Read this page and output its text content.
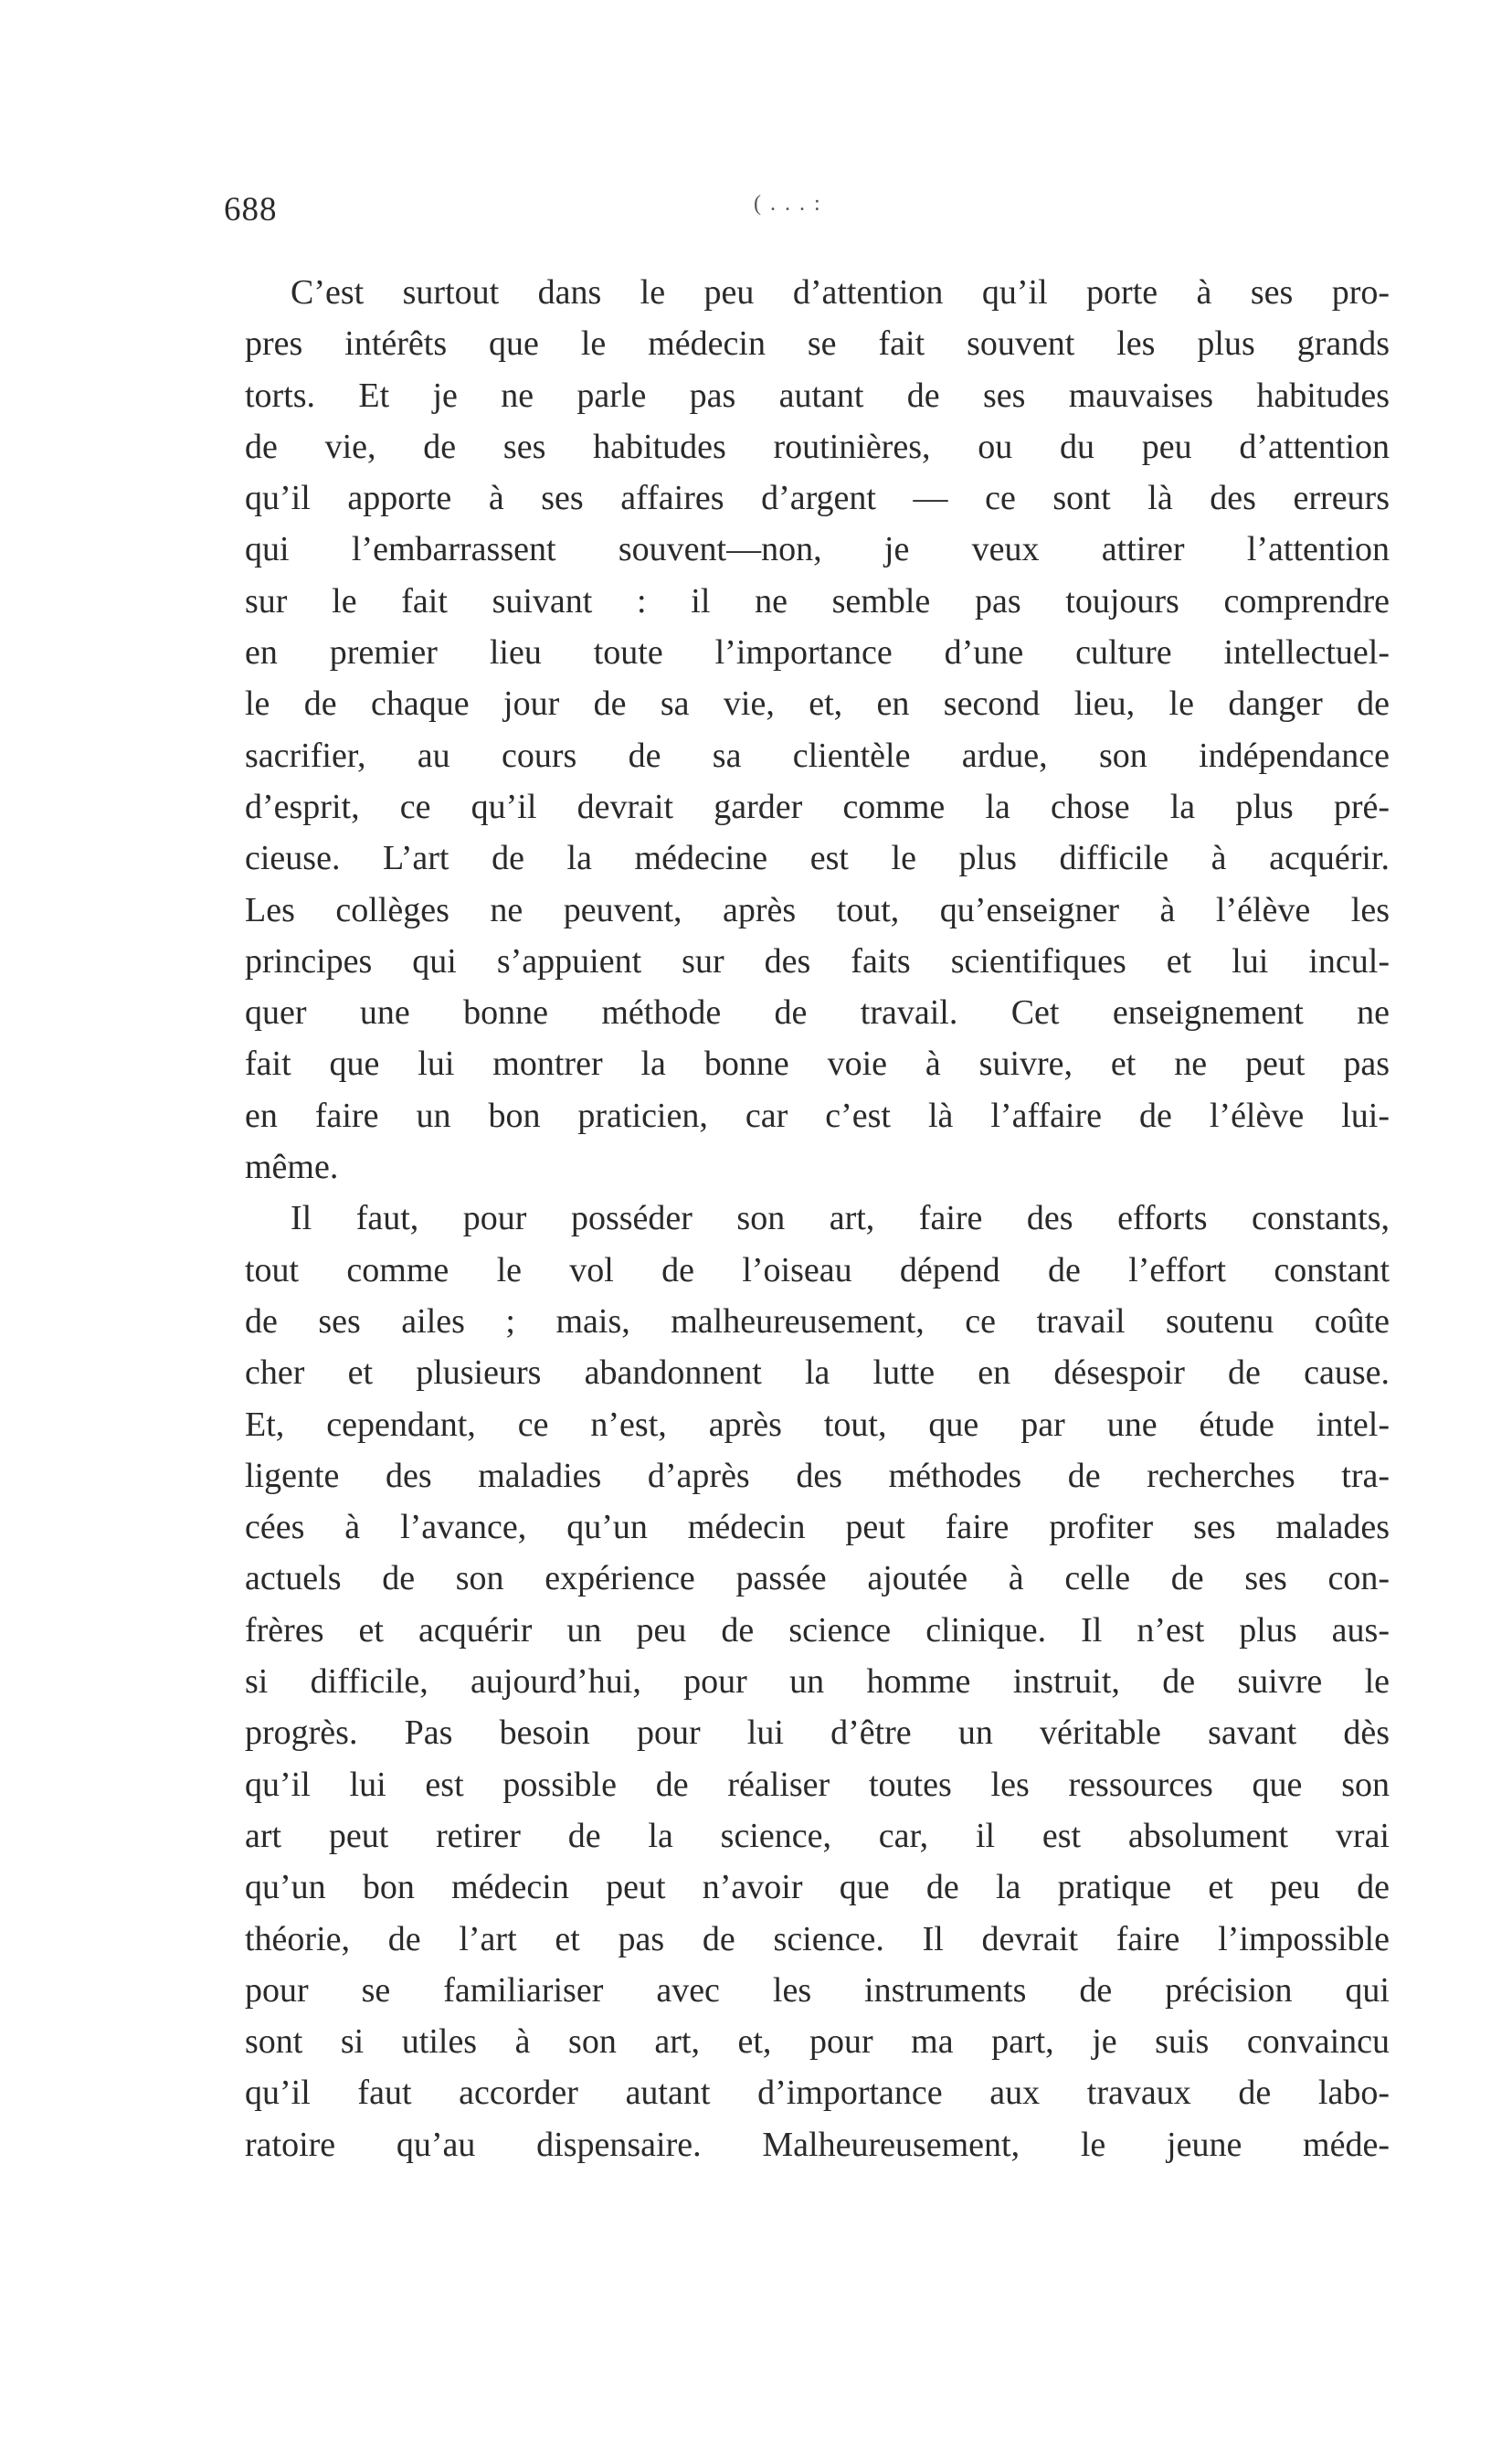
688	( . . . :
C’est surtout dans le peu d’attention qu’il porte à ses pro-
pres intérêts que le médecin se fait souvent les plus grands
torts. Et je ne parle pas autant de ses mauvaises habitudes
de vie, de ses habitudes routinières, ou du peu d’attention
qu’il apporte à ses affaires d’argent — ce sont là des erreurs
qui l’embarrassent souvent—non, je veux attirer l’attention
sur le fait suivant : il ne semble pas toujours comprendre
en premier lieu toute l’importance d’une culture intellectuel-
le de chaque jour de sa vie, et, en second lieu, le danger de
sacrifier, au cours de sa clientèle ardue, son indépendance
d’esprit, ce qu’il devrait garder comme la chose la plus pré-
cieuse. L’art de la médecine est le plus difficile à acquérir.
Les collèges ne peuvent, après tout, qu’enseigner à l’élève les
principes qui s’appuient sur des faits scientifiques et lui incul-
quer une bonne méthode de travail. Cet enseignement ne
fait que lui montrer la bonne voie à suivre, et ne peut pas
en faire un bon praticien, car c’est là l’affaire de l’élève lui-
même.
Il faut, pour posséder son art, faire des efforts constants,
tout comme le vol de l’oiseau dépend de l’effort constant
de ses ailes ; mais, malheureusement, ce travail soutenu coûte
cher et plusieurs abandonnent la lutte en désespoir de cause.
Et, cependant, ce n’est, après tout, que par une étude intel-
ligente des maladies d’après des méthodes de recherches tra-
cées à l’avance, qu’un médecin peut faire profiter ses malades
actuels de son expérience passée ajoutée à celle de ses con-
frères et acquérir un peu de science clinique. Il n’est plus aus-
si difficile, aujourd’hui, pour un homme instruit, de suivre le
progrès. Pas besoin pour lui d’être un véritable savant dès
qu’il lui est possible de réaliser toutes les ressources que son
art peut retirer de la science, car, il est absolument vrai
qu’un bon médecin peut n’avoir que de la pratique et peu de
théorie, de l’art et pas de science. Il devrait faire l’impossible
pour se familiariser avec les instruments de précision qui
sont si utiles à son art, et, pour ma part, je suis convaincu
qu’il faut accorder autant d’importance aux travaux de labo-
ratoire qu’au dispensaire. Malheureusement, le jeune méde-
